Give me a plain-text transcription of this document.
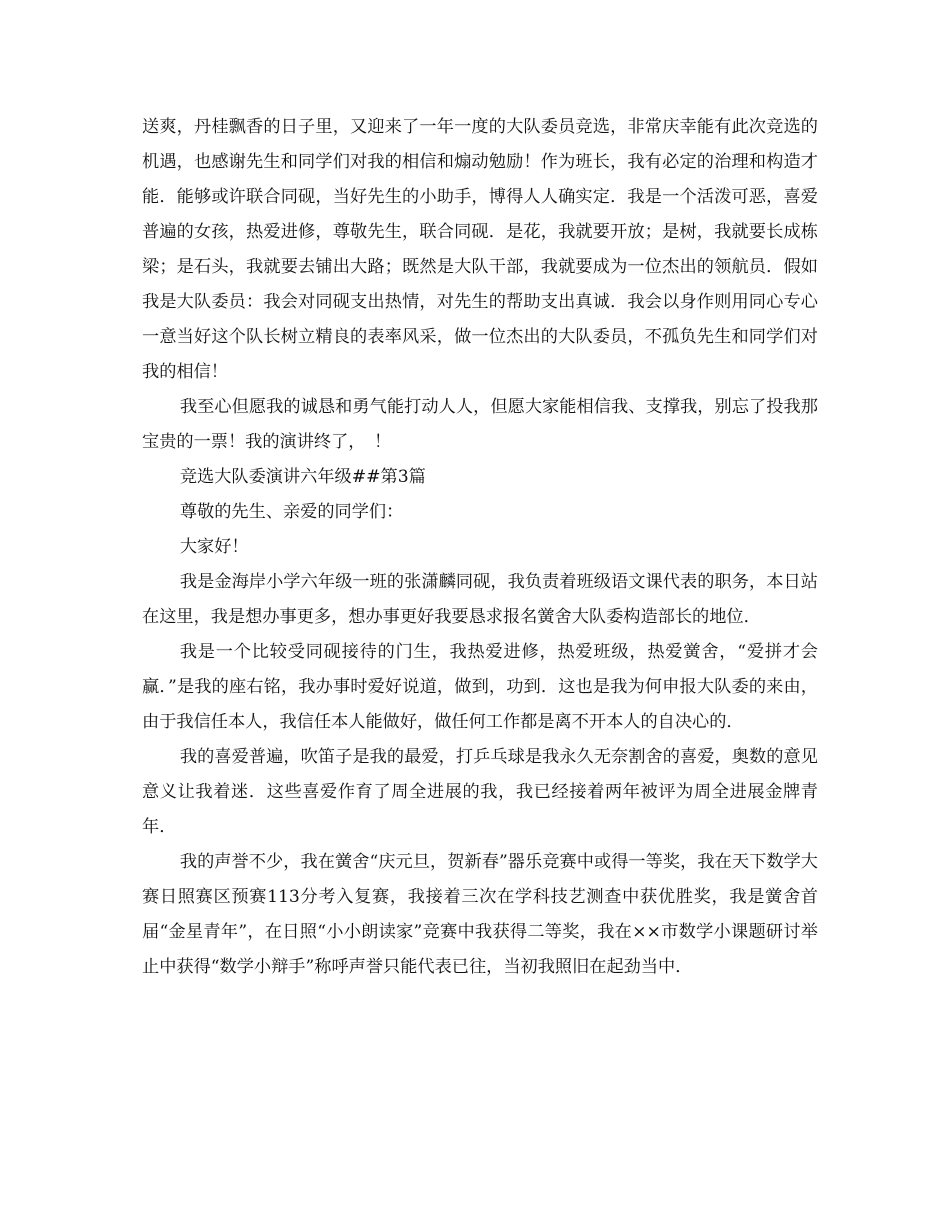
送爽，丹桂飘香的日子里，又迎来了一年一度的大队委员竞选，非常庆幸能有此次竞选的机遇，也感谢先生和同学们对我的相信和煽动勉励！作为班长，我有必定的治理和构造才能．能够或许联合同砚，当好先生的小助手，博得人人确实定．我是一个活泼可恶，喜爱普遍的女孩，热爱进修，尊敬先生，联合同砚．是花，我就要开放；是树，我就要长成栋梁；是石头，我就要去铺出大路；既然是大队干部，我就要成为一位杰出的领航员．假如我是大队委员：我会对同砚支出热情，对先生的帮助支出真诚．我会以身作则用同心专心一意当好这个队长树立精良的表率风采，做一位杰出的大队委员，不孤负先生和同学们对我的相信！

我至心但愿我的诚恳和勇气能打动人人，但愿大家能相信我、支撑我，别忘了投我那宝贵的一票！我的演讲终了，　！

竞选大队委演讲六年级##第3篇

尊敬的先生、亲爱的同学们：

大家好！

我是金海岸小学六年级一班的张潇麟同砚，我负责着班级语文课代表的职务，本日站在这里，我是想办事更多，想办事更好我要恳求报名黉舍大队委构造部长的地位．

我是一个比较受同砚接待的门生，我热爱进修，热爱班级，热爱黉舍，“爱拼才会赢．”是我的座右铭，我办事时爱好说道，做到，功到．这也是我为何申报大队委的来由，由于我信任本人，我信任本人能做好，做任何工作都是离不开本人的自决心的．

我的喜爱普遍，吹笛子是我的最爱，打乒乓球是我永久无奈割舍的喜爱，奥数的意见意义让我着迷．这些喜爱作育了周全进展的我，我已经接着两年被评为周全进展金牌青年．

我的声誉不少，我在黉舍“庆元旦，贺新春”器乐竞赛中或得一等奖，我在天下数学大赛日照赛区预赛113分考入复赛，我接着三次在学科技艺测查中获优胜奖，我是黉舍首届“金星青年”，在日照“小小朗读家”竞赛中我获得二等奖，我在××市数学小课题研讨举止中获得“数学小辩手”称呼声誉只能代表已往，当初我照旧在起劲当中．
